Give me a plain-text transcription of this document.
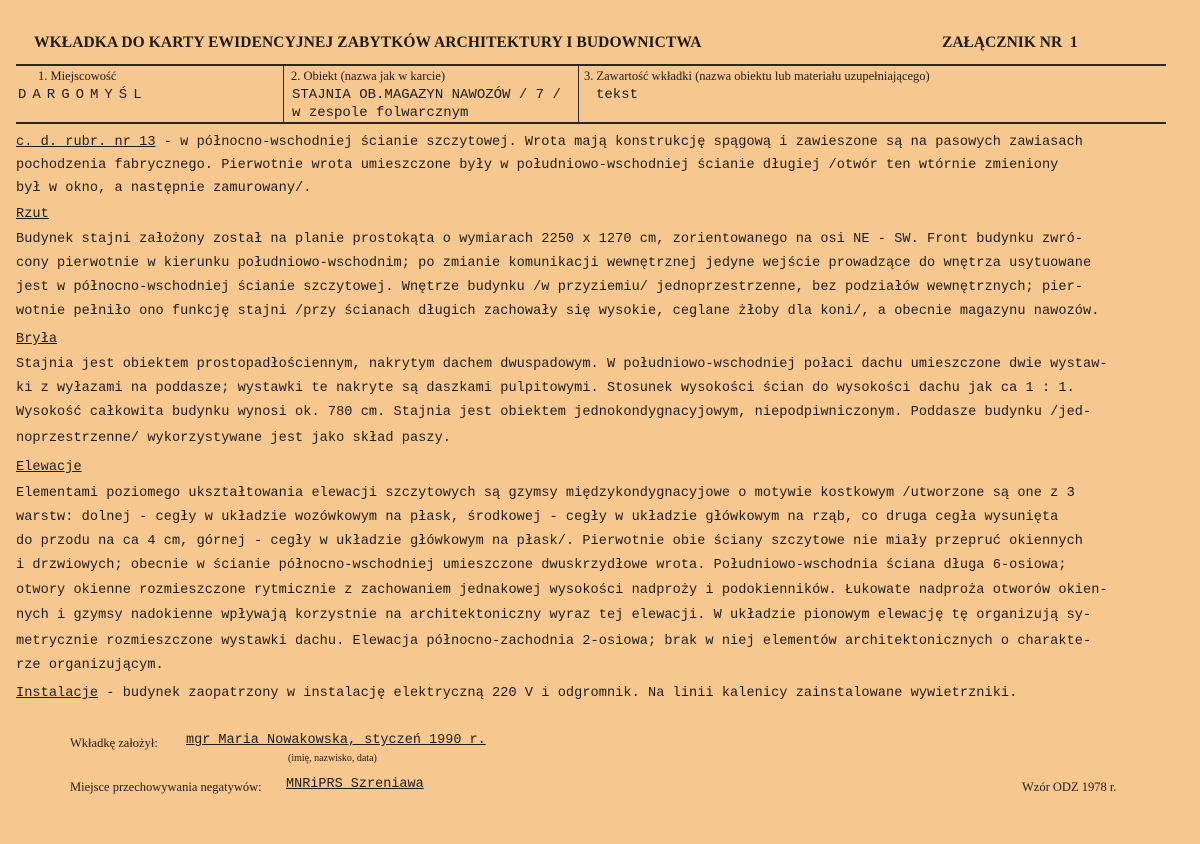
WKŁADKA DO KARTY EWIDENCYJNEJ ZABYTKÓW ARCHITEKTURY I BUDOWNICTWA	ZAŁĄCZNIK NR 1
1. Miejscowość
DARGOMYŚL
2. Obiekt (nazwa jak w karcie)
STAJNIA OB.MAGAZYN NAWOZÓW / 7 /
w zespole folwarcznym
3. Zawartość wkładki (nazwa obiektu lub materiału uzupełniającego)
tekst
c. d. rubr. nr 13 - w północno-wschodniej ścianie szczytowej. Wrota mają konstrukcję spągową i zawieszone są na pasowych zawiasach
pochodzenia fabrycznego. Pierwotnie wrota umieszczone były w południowo-wschodniej ścianie długiej /otwór ten wtórnie zmieniony
był w okno, a następnie zamurowany/.
Rzut
Budynek stajni założony został na planie prostokąta o wymiarach 2250 x 1270 cm, zorientowanego na osi NE - SW. Front budynku zwró-
cony pierwotnie w kierunku południowo-wschodnim; po zmianie komunikacji wewnętrznej jedyne wejście prowadzące do wnętrza usytuowane
jest w północno-wschodniej ścianie szczytowej. Wnętrze budynku /w przyziemiu/ jednoprzestrzenne, bez podziałów wewnętrznych; pier-
wotnie pełniło ono funkcję stajni /przy ścianach długich zachowały się wysokie, ceglane żłoby dla koni/, a obecnie magazynu nawozów.
Bryła
Stajnia jest obiektem prostopadłościennym, nakrytym dachem dwuspadowym. W południowo-wschodniej połaci dachu umieszczone dwie wystaw-
ki z wyłazami na poddasze; wystawki te nakryte są daszkami pulpitowymi. Stosunek wysokości ścian do wysokości dachu jak ca 1 : 1.
Wysokość całkowita budynku wynosi ok. 780 cm. Stajnia jest obiektem jednokondygnacyjowym, niepodpiwniczonym. Poddasze budynku /jed-
noprzestrzenne/ wykorzystywane jest jako skład paszy.
Elewacje
Elementami poziomego ukształtowania elewacji szczytowych są gzymsy międzykondygnacyjowe o motywie kostkowym /utworzone są one z 3
warstw: dolnej - cegły w układzie wozówkowym na płask, środkowej - cegły w układzie główkowym na rząb, co druga cegła wysunięta
do przodu na ca 4 cm, górnej - cegły w układzie główkowym na płask/. Pierwotnie obie ściany szczytowe nie miały przepruć okiennych
i drzwiowych; obecnie w ścianie północno-wschodniej umieszczone dwuskrzydłowe wrota. Południowo-wschodnia ściana długa 6-osiowa;
otwory okienne rozmieszczone rytmicznie z zachowaniem jednakowej wysokości nadproży i podokienników. Łukowate nadproża otworów okien-
nych i gzymsy nadokienne wpływają korzystnie na architektoniczny wyraz tej elewacji. W układzie pionowym elewację tę organizują sy-
metrycznie rozmieszczone wystawki dachu. Elewacja północno-zachodnia 2-osiowa; brak w niej elementów architektonicznych o charakte-
rze organizującym.
Instalacje - budynek zaopatrzony w instalację elektryczną 220 V i odgromnik. Na linii kalenicy zainstalowane wywietrzniki.
Wkładkę założył: mgr Maria Nowakowska, styczeń 1990 r.
(imię, nazwisko, data)
Miejsce przechowywania negatywów: MNRiPRS Szreniawa	Wzór ODZ 1978 r.
